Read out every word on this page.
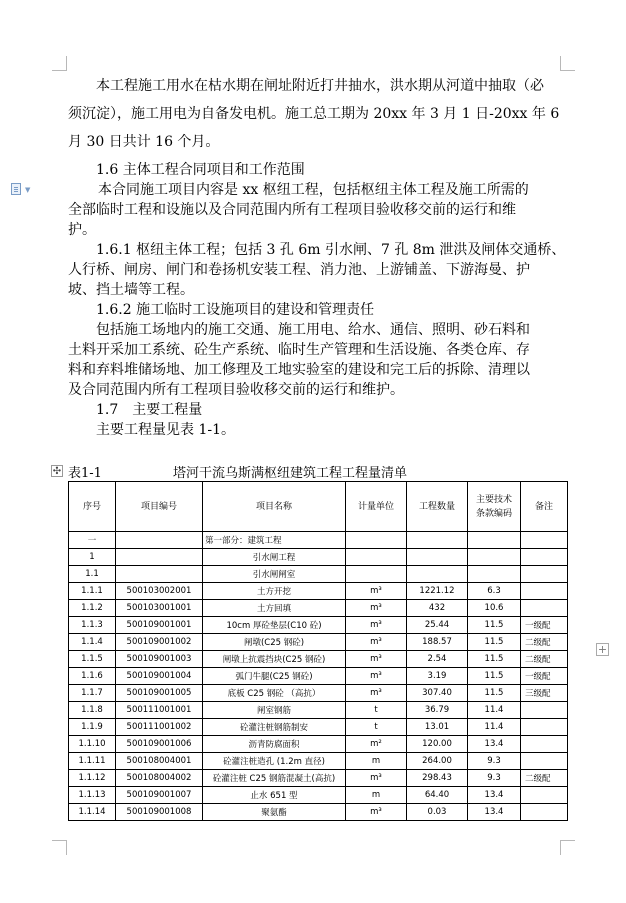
▼
本工程施工用水在枯水期在闸址附近打井抽水，洪水期从河道中抽取（必
须沉淀），施工用电为自备发电机。施工总工期为 20xx 年 3 月 1 日-20xx 年 6
月 30 日共计 16 个月。
1.6 主体工程合同项目和工作范围
本合同施工项目内容是 xx 枢纽工程，包括枢纽主体工程及施工所需的
全部临时工程和设施以及合同范围内所有工程项目验收移交前的运行和维
护。
1.6.1 枢纽主体工程；包括 3 孔 6m 引水闸、7 孔 8m 泄洪及闸体交通桥、
人行桥、闸房、闸门和卷扬机安装工程、消力池、上游铺盖、下游海曼、护
坡、挡土墙等工程。
1.6.2 施工临时工设施项目的建设和管理责任
包括施工场地内的施工交通、施工用电、给水、通信、照明、砂石料和
土料开采加工系统、砼生产系统、临时生产管理和生活设施、各类仓库、存
料和弃料堆储场地、加工修理及工地实验室的建设和完工后的拆除、清理以
及合同范围内所有工程项目验收移交前的运行和维护。
1.7　主要工程量
主要工程量见表 1-1。
✣ 表1-1	塔河干流乌斯满枢纽建筑工程工程量清单
序号	项目编号	项目名称	计量单位	工程数量	主要技术条款编码	备注
一		第一部分：建筑工程				
1		引水闸工程				
1.1		引水闸闸室				
1.1.1	500103002001	土方开挖	m³	1221.12	6.3	
1.1.2	500103001001	土方回填	m³	432	10.6	
1.1.3	500109001001	10cm 厚砼垫层(C10 砼)	m³	25.44	11.5	一级配
1.1.4	500109001002	闸墩(C25 钢砼)	m³	188.57	11.5	二级配
1.1.5	500109001003	闸墩上抗震挡块(C25 钢砼)	m³	2.54	11.5	二级配
1.1.6	500109001004	弧门牛腿(C25 钢砼)	m³	3.19	11.5	一级配
1.1.7	500109001005	底板 C25 钢砼 （高抗）	m³	307.40	11.5	三级配
1.1.8	500111001001	闸室钢筋	t	36.79	11.4	
1.1.9	500111001002	砼灌注桩钢筋制安	t	13.01	11.4	
1.1.10	500109001006	沥青防腐面积	m²	120.00	13.4	
1.1.11	500108004001	砼灌注桩造孔 (1.2m 直径)	m	264.00	9.3	
1.1.12	500108004002	砼灌注桩 C25 钢筋混凝土(高抗)	m³	298.43	9.3	二级配
1.1.13	500109001007	止水 651 型	m	64.40	13.4	
1.1.14	500109001008	聚氨酯	m³	0.03	13.4	
+
